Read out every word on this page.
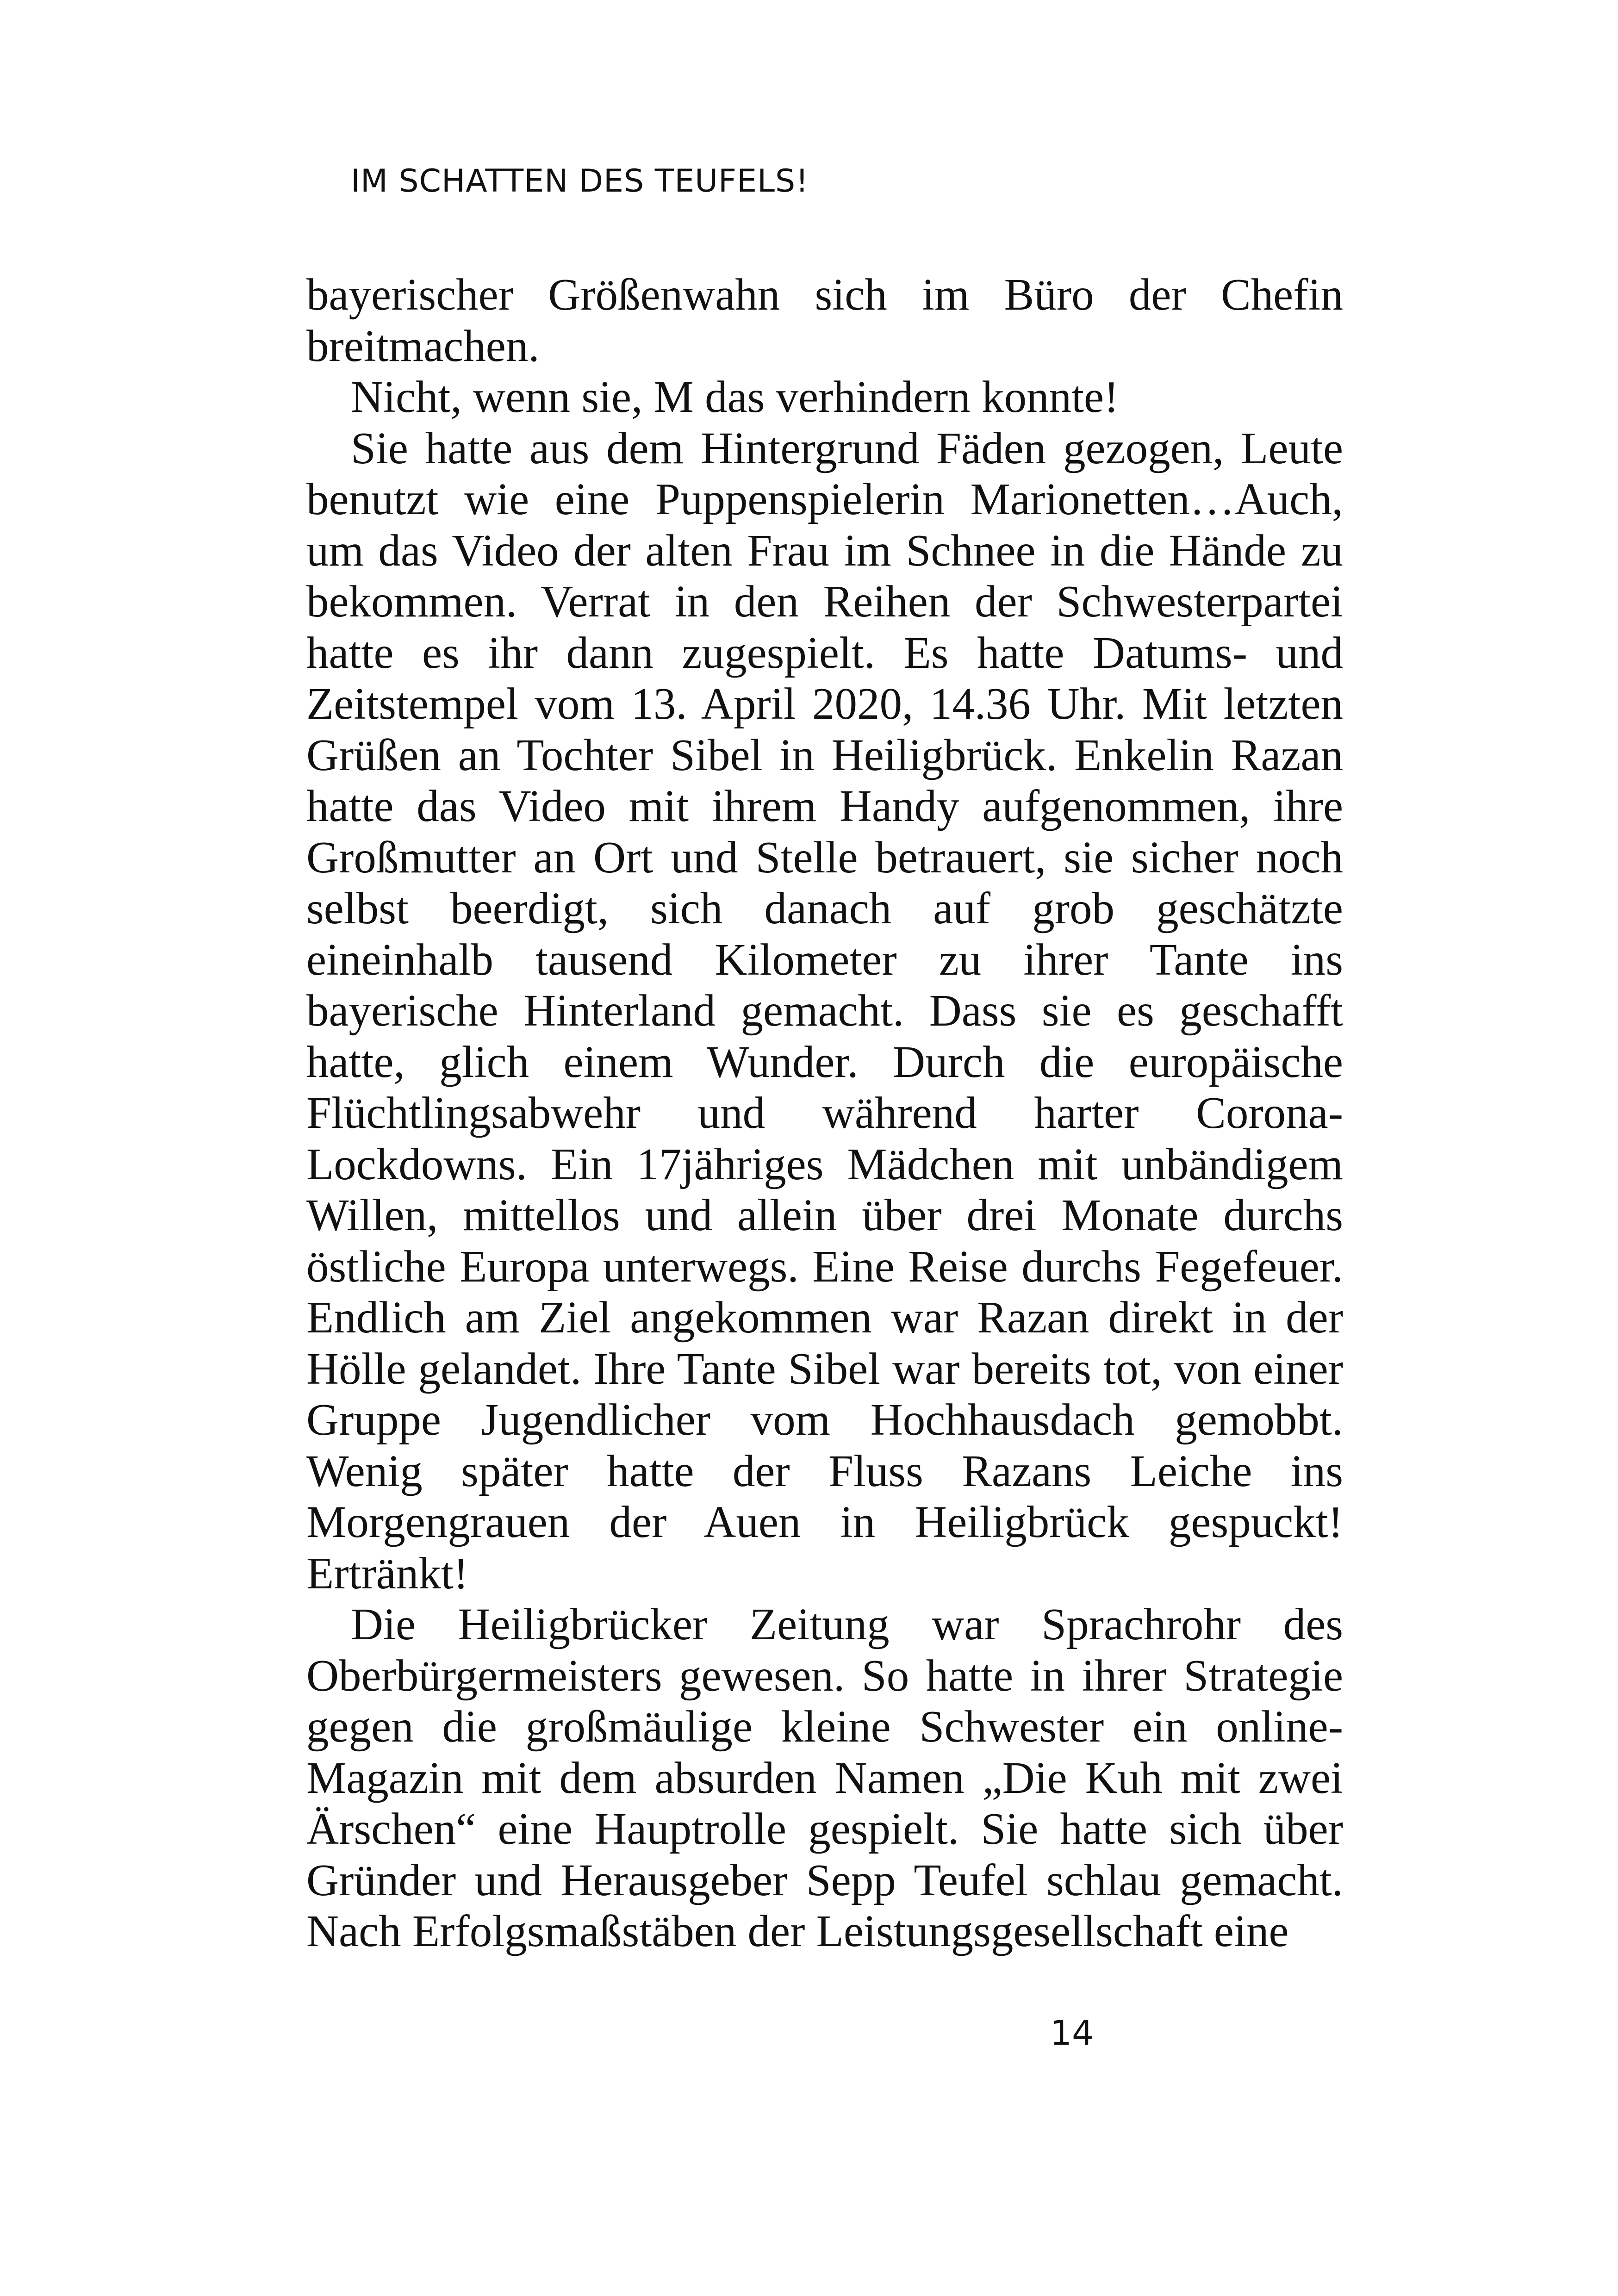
IM SCHATTEN DES TEUFELS!

bayerischer Größenwahn sich im Büro der Chefin breitmachen.

Nicht, wenn sie, M das verhindern konnte!

Sie hatte aus dem Hintergrund Fäden gezogen, Leute benutzt wie eine Puppenspielerin Marionetten…Auch, um das Video der alten Frau im Schnee in die Hände zu bekommen. Verrat in den Reihen der Schwesterpartei hatte es ihr dann zugespielt. Es hatte Datums- und Zeitstempel vom 13. April 2020, 14.36 Uhr. Mit letzten Grüßen an Tochter Sibel in Heiligbrück. Enkelin Razan hatte das Video mit ihrem Handy aufgenommen, ihre Großmutter an Ort und Stelle betrauert, sie sicher noch selbst beerdigt, sich danach auf grob geschätzte eineinhalb tausend Kilometer zu ihrer Tante ins bayerische Hinterland gemacht. Dass sie es geschafft hatte, glich einem Wunder. Durch die europäische Flüchtlingsabwehr und während harter Corona-Lockdowns. Ein 17jähriges Mädchen mit unbändigem Willen, mittellos und allein über drei Monate durchs östliche Europa unterwegs. Eine Reise durchs Fegefeuer. Endlich am Ziel angekommen war Razan direkt in der Hölle gelandet. Ihre Tante Sibel war bereits tot, von einer Gruppe Jugendlicher vom Hochhausdach gemobbt. Wenig später hatte der Fluss Razans Leiche ins Morgengrauen der Auen in Heiligbrück gespuckt! Ertränkt!

Die Heiligbrücker Zeitung war Sprachrohr des Oberbürgermeisters gewesen. So hatte in ihrer Strategie gegen die großmäulige kleine Schwester ein online-Magazin mit dem absurden Namen „Die Kuh mit zwei Ärschen“ eine Hauptrolle gespielt. Sie hatte sich über Gründer und Herausgeber Sepp Teufel schlau gemacht. Nach Erfolgsmaßstäben der Leistungsgesellschaft eine

14
